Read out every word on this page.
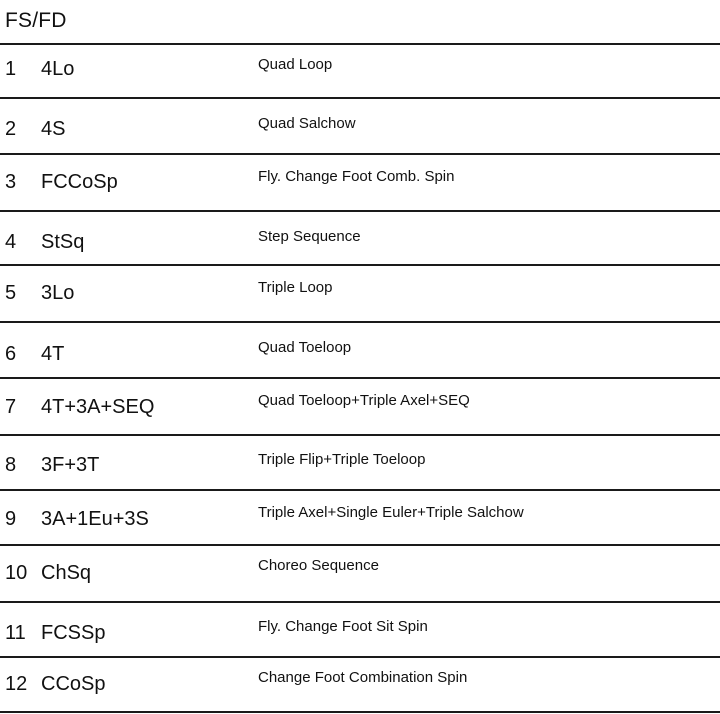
FS/FD
1 4Lo	Quad Loop
2 4S	Quad Salchow
3 FCCoSp	Fly. Change Foot Comb. Spin
4 StSq	Step Sequence
5 3Lo	Triple Loop
6 4T	Quad Toeloop
7 4T+3A+SEQ	Quad Toeloop+Triple Axel+SEQ
8 3F+3T	Triple Flip+Triple Toeloop
9 3A+1Eu+3S	Triple Axel+Single Euler+Triple Salchow
10 ChSq	Choreo Sequence
11 FCSSp	Fly. Change Foot Sit Spin
12 CCoSp	Change Foot Combination Spin
